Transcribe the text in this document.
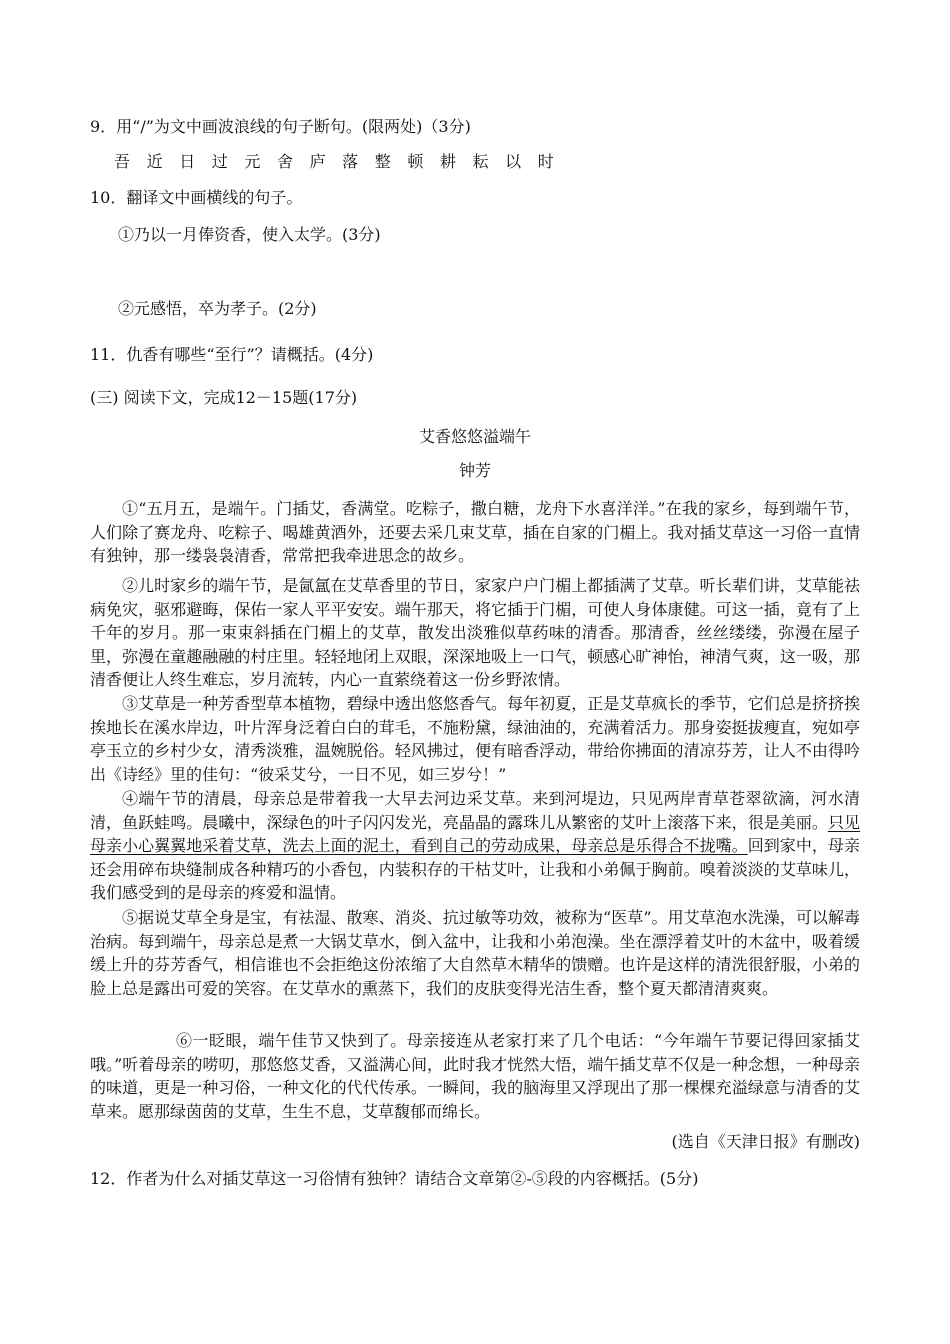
9．用“/”为文中画波浪线的句子断句。(限两处)（3分)
吾	近	日	过	元	舍	庐	落	整	顿	耕	耘	以	时
10．翻译文中画横线的句子。
①乃以一月俸资香，使入太学。(3分)
②元感悟，卒为孝子。(2分)
11．仇香有哪些“至行”？请概括。(4分)
(三) 阅读下文，完成12－15题(17分)
艾香悠悠溢端午
钟芳
①“五月五，是端午。门插艾，香满堂。吃粽子，撒白糖，龙舟下水喜洋洋。”在我的家乡，每到端午节，人们除了赛龙舟、吃粽子、喝雄黄酒外，还要去采几束艾草，插在自家的门楣上。我对插艾草这一习俗一直情有独钟，那一缕袅袅清香，常常把我牵进思念的故乡。
②儿时家乡的端午节，是氤氲在艾草香里的节日，家家户户门楣上都插满了艾草。听长辈们讲，艾草能祛病免灾，驱邪避晦，保佑一家人平平安安。端午那天，将它插于门楣，可使人身体康健。可这一插，竟有了上千年的岁月。那一束束斜插在门楣上的艾草，散发出淡雅似草药味的清香。那清香，丝丝缕缕，弥漫在屋子里，弥漫在童趣融融的村庄里。轻轻地闭上双眼，深深地吸上一口气，顿感心旷神怡，神清气爽，这一吸，那清香便让人终生难忘，岁月流转，内心一直萦绕着这一份乡野浓情。
③艾草是一种芳香型草本植物，碧绿中透出悠悠香气。每年初夏，正是艾草疯长的季节，它们总是挤挤挨挨地长在溪水岸边，叶片浑身泛着白白的茸毛，不施粉黛，绿油油的，充满着活力。那身姿挺拔瘦直，宛如亭亭玉立的乡村少女，清秀淡雅，温婉脱俗。轻风拂过，便有暗香浮动，带给你拂面的清凉芬芳，让人不由得吟出《诗经》里的佳句：“彼采艾兮，一日不见，如三岁兮！”
④端午节的清晨，母亲总是带着我一大早去河边采艾草。来到河堤边，只见两岸青草苍翠欲滴，河水清清，鱼跃蛙鸣。晨曦中，深绿色的叶子闪闪发光，亮晶晶的露珠儿从繁密的艾叶上滚落下来，很是美丽。只见母亲小心翼翼地采着艾草，洗去上面的泥土，看到自己的劳动成果，母亲总是乐得合不拢嘴。回到家中，母亲还会用碎布块缝制成各种精巧的小香包，内装积存的干枯艾叶，让我和小弟佩于胸前。嗅着淡淡的艾草味儿，我们感受到的是母亲的疼爱和温情。
⑤据说艾草全身是宝，有祛湿、散寒、消炎、抗过敏等功效，被称为“医草”。用艾草泡水洗澡，可以解毒治病。每到端午，母亲总是煮一大锅艾草水，倒入盆中，让我和小弟泡澡。坐在漂浮着艾叶的木盆中，吸着缓缓上升的芬芳香气，相信谁也不会拒绝这份浓缩了大自然草木精华的馈赠。也许是这样的清洗很舒服，小弟的脸上总是露出可爱的笑容。在艾草水的熏蒸下，我们的皮肤变得光洁生香，整个夏天都清清爽爽。
⑥一眨眼，端午佳节又快到了。母亲接连从老家打来了几个电话：“今年端午节要记得回家插艾哦。”听着母亲的唠叨，那悠悠艾香，又溢满心间，此时我才恍然大悟，端午插艾草不仅是一种念想，一种母亲的味道，更是一种习俗，一种文化的代代传承。一瞬间，我的脑海里又浮现出了那一棵棵充溢绿意与清香的艾草来。愿那绿茵茵的艾草，生生不息，艾草馥郁而绵长。
(选自《天津日报》有删改)
12．作者为什么对插艾草这一习俗情有独钟？请结合文章第②-⑤段的内容概括。(5分)
